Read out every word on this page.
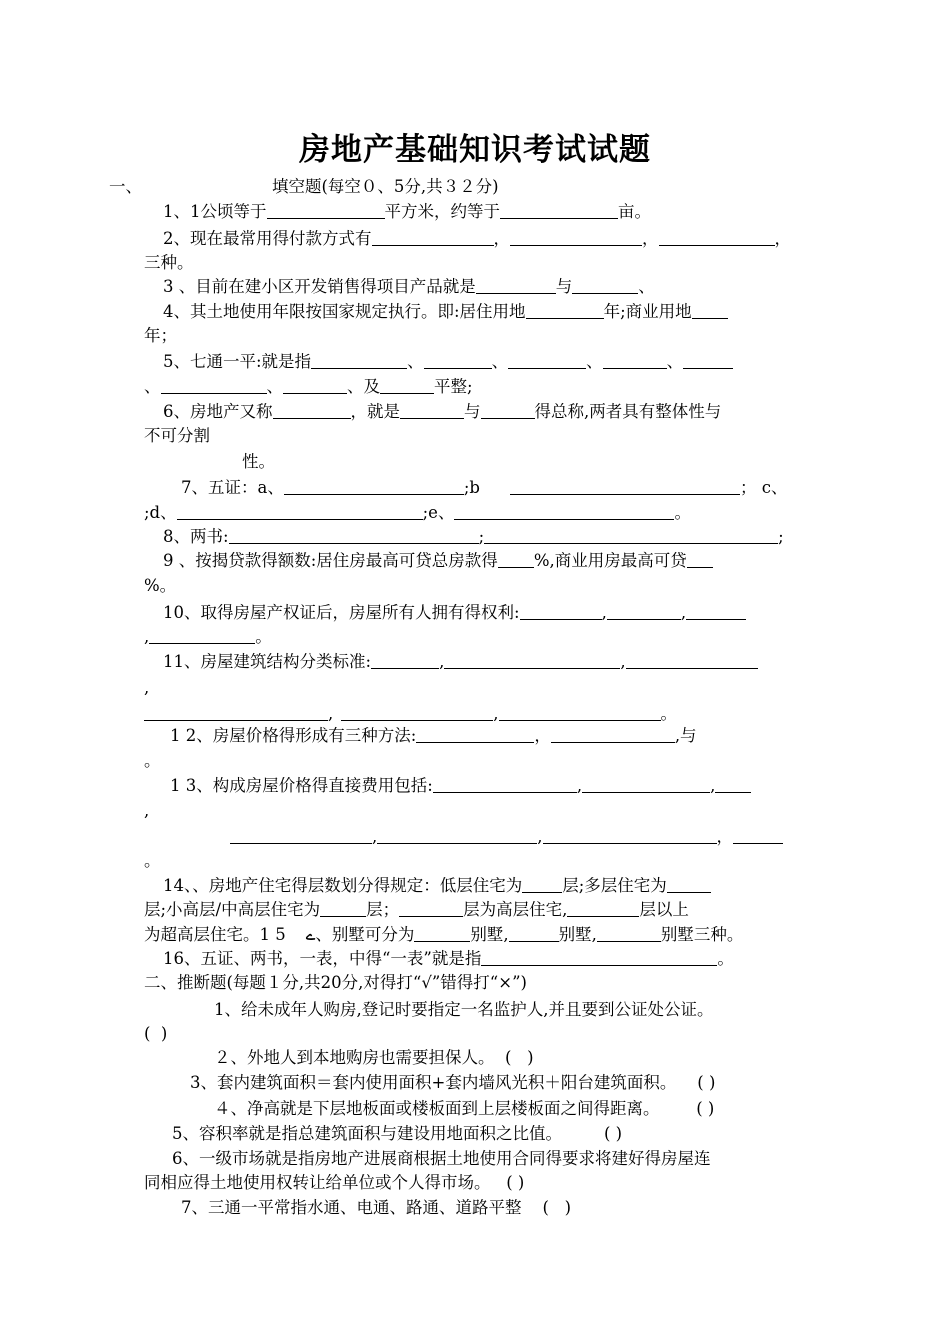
房地产基础知识考试试题
一、	填空题(每空０、5分,共３２分)
1、1公顷等于	平方米，约等于	亩。
2、现在最常用得付款方式有	，	，	，
三种。
3 、目前在建小区开发销售得项目产品就是	与	、
4、其土地使用年限按国家规定执行。即:居住用地	年;商业用地
年；
5、七通一平:就是指	、	、	、	、
、	、	、及	平整;
6、房地产又称	，就是	与	得总称,两者具有整体性与
不可分割
性。
7、五证：a、	;b	； c、
;d、	;e、	。
8、两书:	;	;
9 、按揭贷款得额数:居住房最高可贷总房款得 %,商业用房最高可贷
%。
10、取得房屋产权证后，房屋所有人拥有得权利:	,	,
,	。
11、房屋建筑结构分类标准:	,	,
,
,	,	。
1 2、房屋价格得形成有三种方法:	，	,与
。
1 3、构成房屋价格得直接费用包括:	,	,
,
,	,	，
。
14、、房地产住宅得层数划分得规定：低层住宅为 层;多层住宅为
层;小高层/中高层住宅为	层；	层为高层住宅,	层以上
为超高层住宅。1 5 ے、别墅可分为	别墅,	别墅,	别墅三种。
16、五证、两书，一表，中得“一表”就是指	。
二、推断题(每题１分,共20分,对得打“√”错得打“×”)
1、给未成年人购房,登记时要指定一名监护人,并且要到公证处公证。
(  )
２、外地人到本地购房也需要担保人。  (   )
3、套内建筑面积＝套内使用面积+套内墙风光积＋阳台建筑面积。    ( )
４、净高就是下层地板面或楼板面到上层楼板面之间得距离。       ( )
5、容积率就是指总建筑面积与建设用地面积之比值。        ( )
6、一级市场就是指房地产进展商根据土地使用合同得要求将建好得房屋连
同相应得土地使用权转让给单位或个人得市场。   ( )
7、三通一平常指水通、电通、路通、道路平整    (   )
